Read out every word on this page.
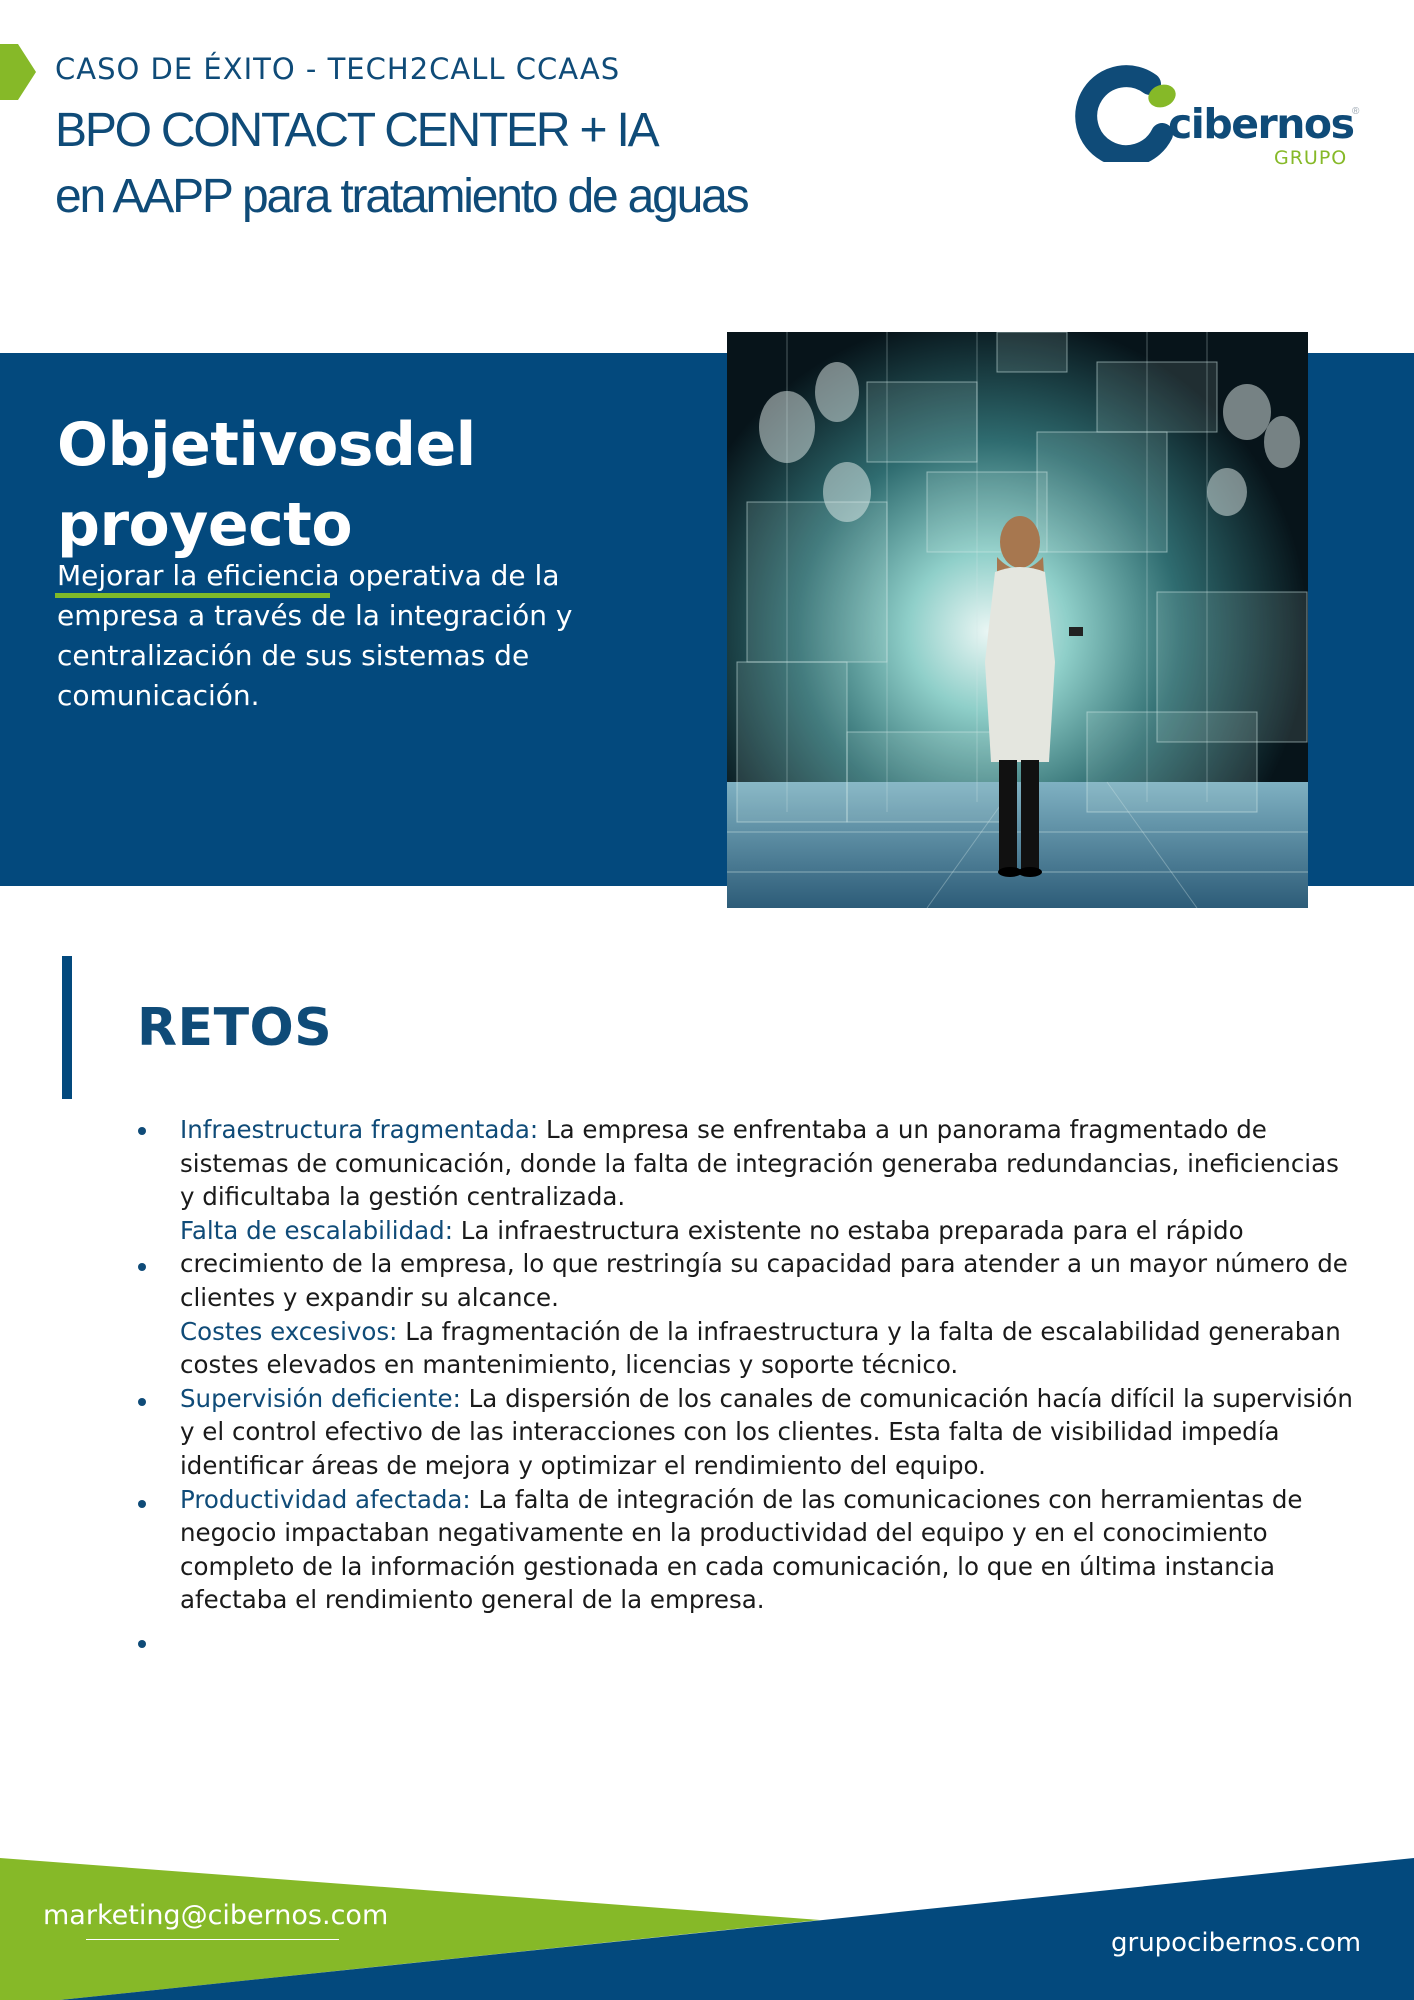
CASO DE ÉXITO - TECH2CALL CCAAS
BPO CONTACT CENTER + IA
en AAPP para tratamiento de aguas
cibernos
®
GRUPO
Objetivosdel
proyecto

Mejorar la eficiencia operativa de la empresa a través de la integración y centralización de sus sistemas de comunicación.

RETOS

Infraestructura fragmentada: La empresa se enfrentaba a un panorama fragmentado de sistemas de comunicación, donde la falta de integración generaba redundancias, ineficiencias y dificultaba la gestión centralizada.

Falta de escalabilidad: La infraestructura existente no estaba preparada para el rápido crecimiento de la empresa, lo que restringía su capacidad para atender a un mayor número de clientes y expandir su alcance.

Costes excesivos: La fragmentación de la infraestructura y la falta de escalabilidad generaban costes elevados en mantenimiento, licencias y soporte técnico.

Supervisión deficiente: La dispersión de los canales de comunicación hacía difícil la supervisión y el control efectivo de las interacciones con los clientes. Esta falta de visibilidad impedía identificar áreas de mejora y optimizar el rendimiento del equipo.

Productividad afectada: La falta de integración de las comunicaciones con herramientas de negocio impactaban negativamente en la productividad del equipo y en el conocimiento completo de la información gestionada en cada comunicación, lo que en última instancia afectaba el rendimiento general de la empresa.

marketing@cibernos.com
grupocibernos.com
